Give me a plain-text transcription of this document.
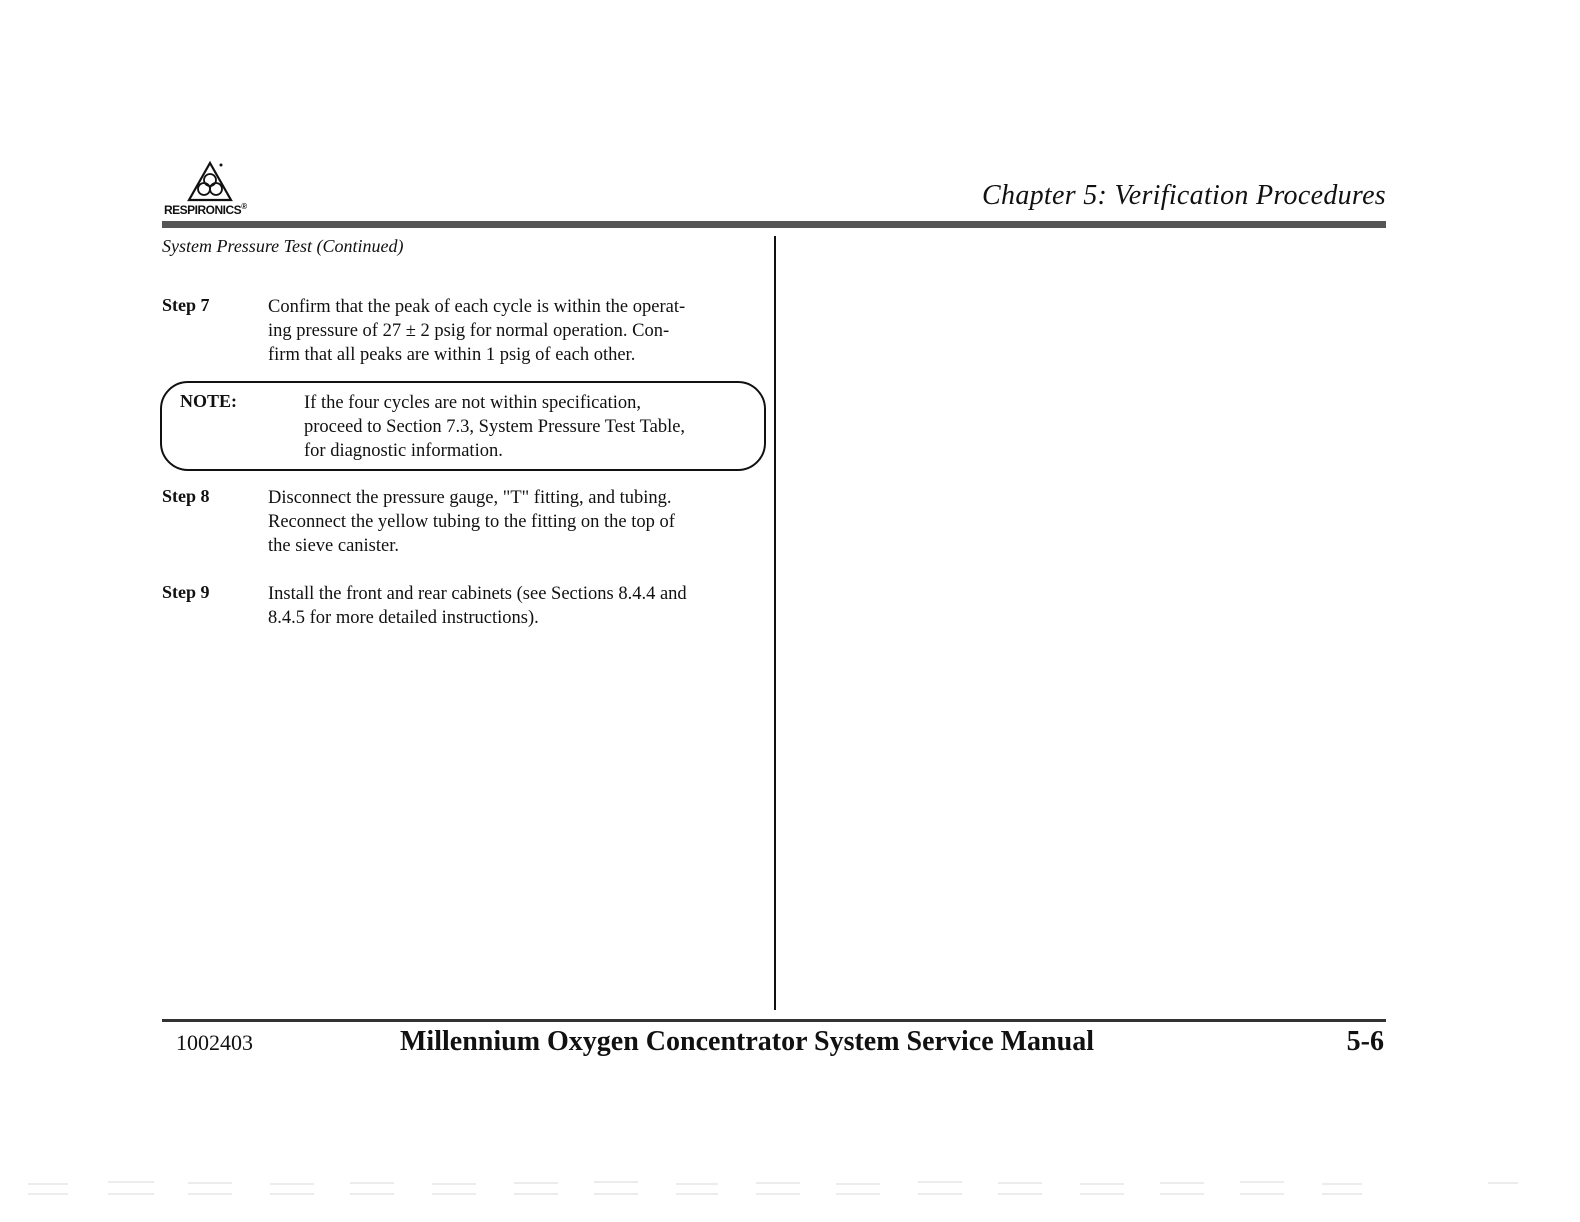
RESPIRONICS®	Chapter 5: Verification Procedures
System Pressure Test (Continued)
Step 7	Confirm that the peak of each cycle is within the operat-
ing pressure of 27 ± 2 psig for normal operation. Con-
firm that all peaks are within 1 psig of each other.
NOTE:	If the four cycles are not within specification,
proceed to Section 7.3, System Pressure Test Table,
for diagnostic information.
Step 8	Disconnect the pressure gauge, "T" fitting, and tubing.
Reconnect the yellow tubing to the fitting on the top of
the sieve canister.
Step 9	Install the front and rear cabinets (see Sections 8.4.4 and
8.4.5 for more detailed instructions).
1002403	Millennium Oxygen Concentrator System Service Manual	5-6
